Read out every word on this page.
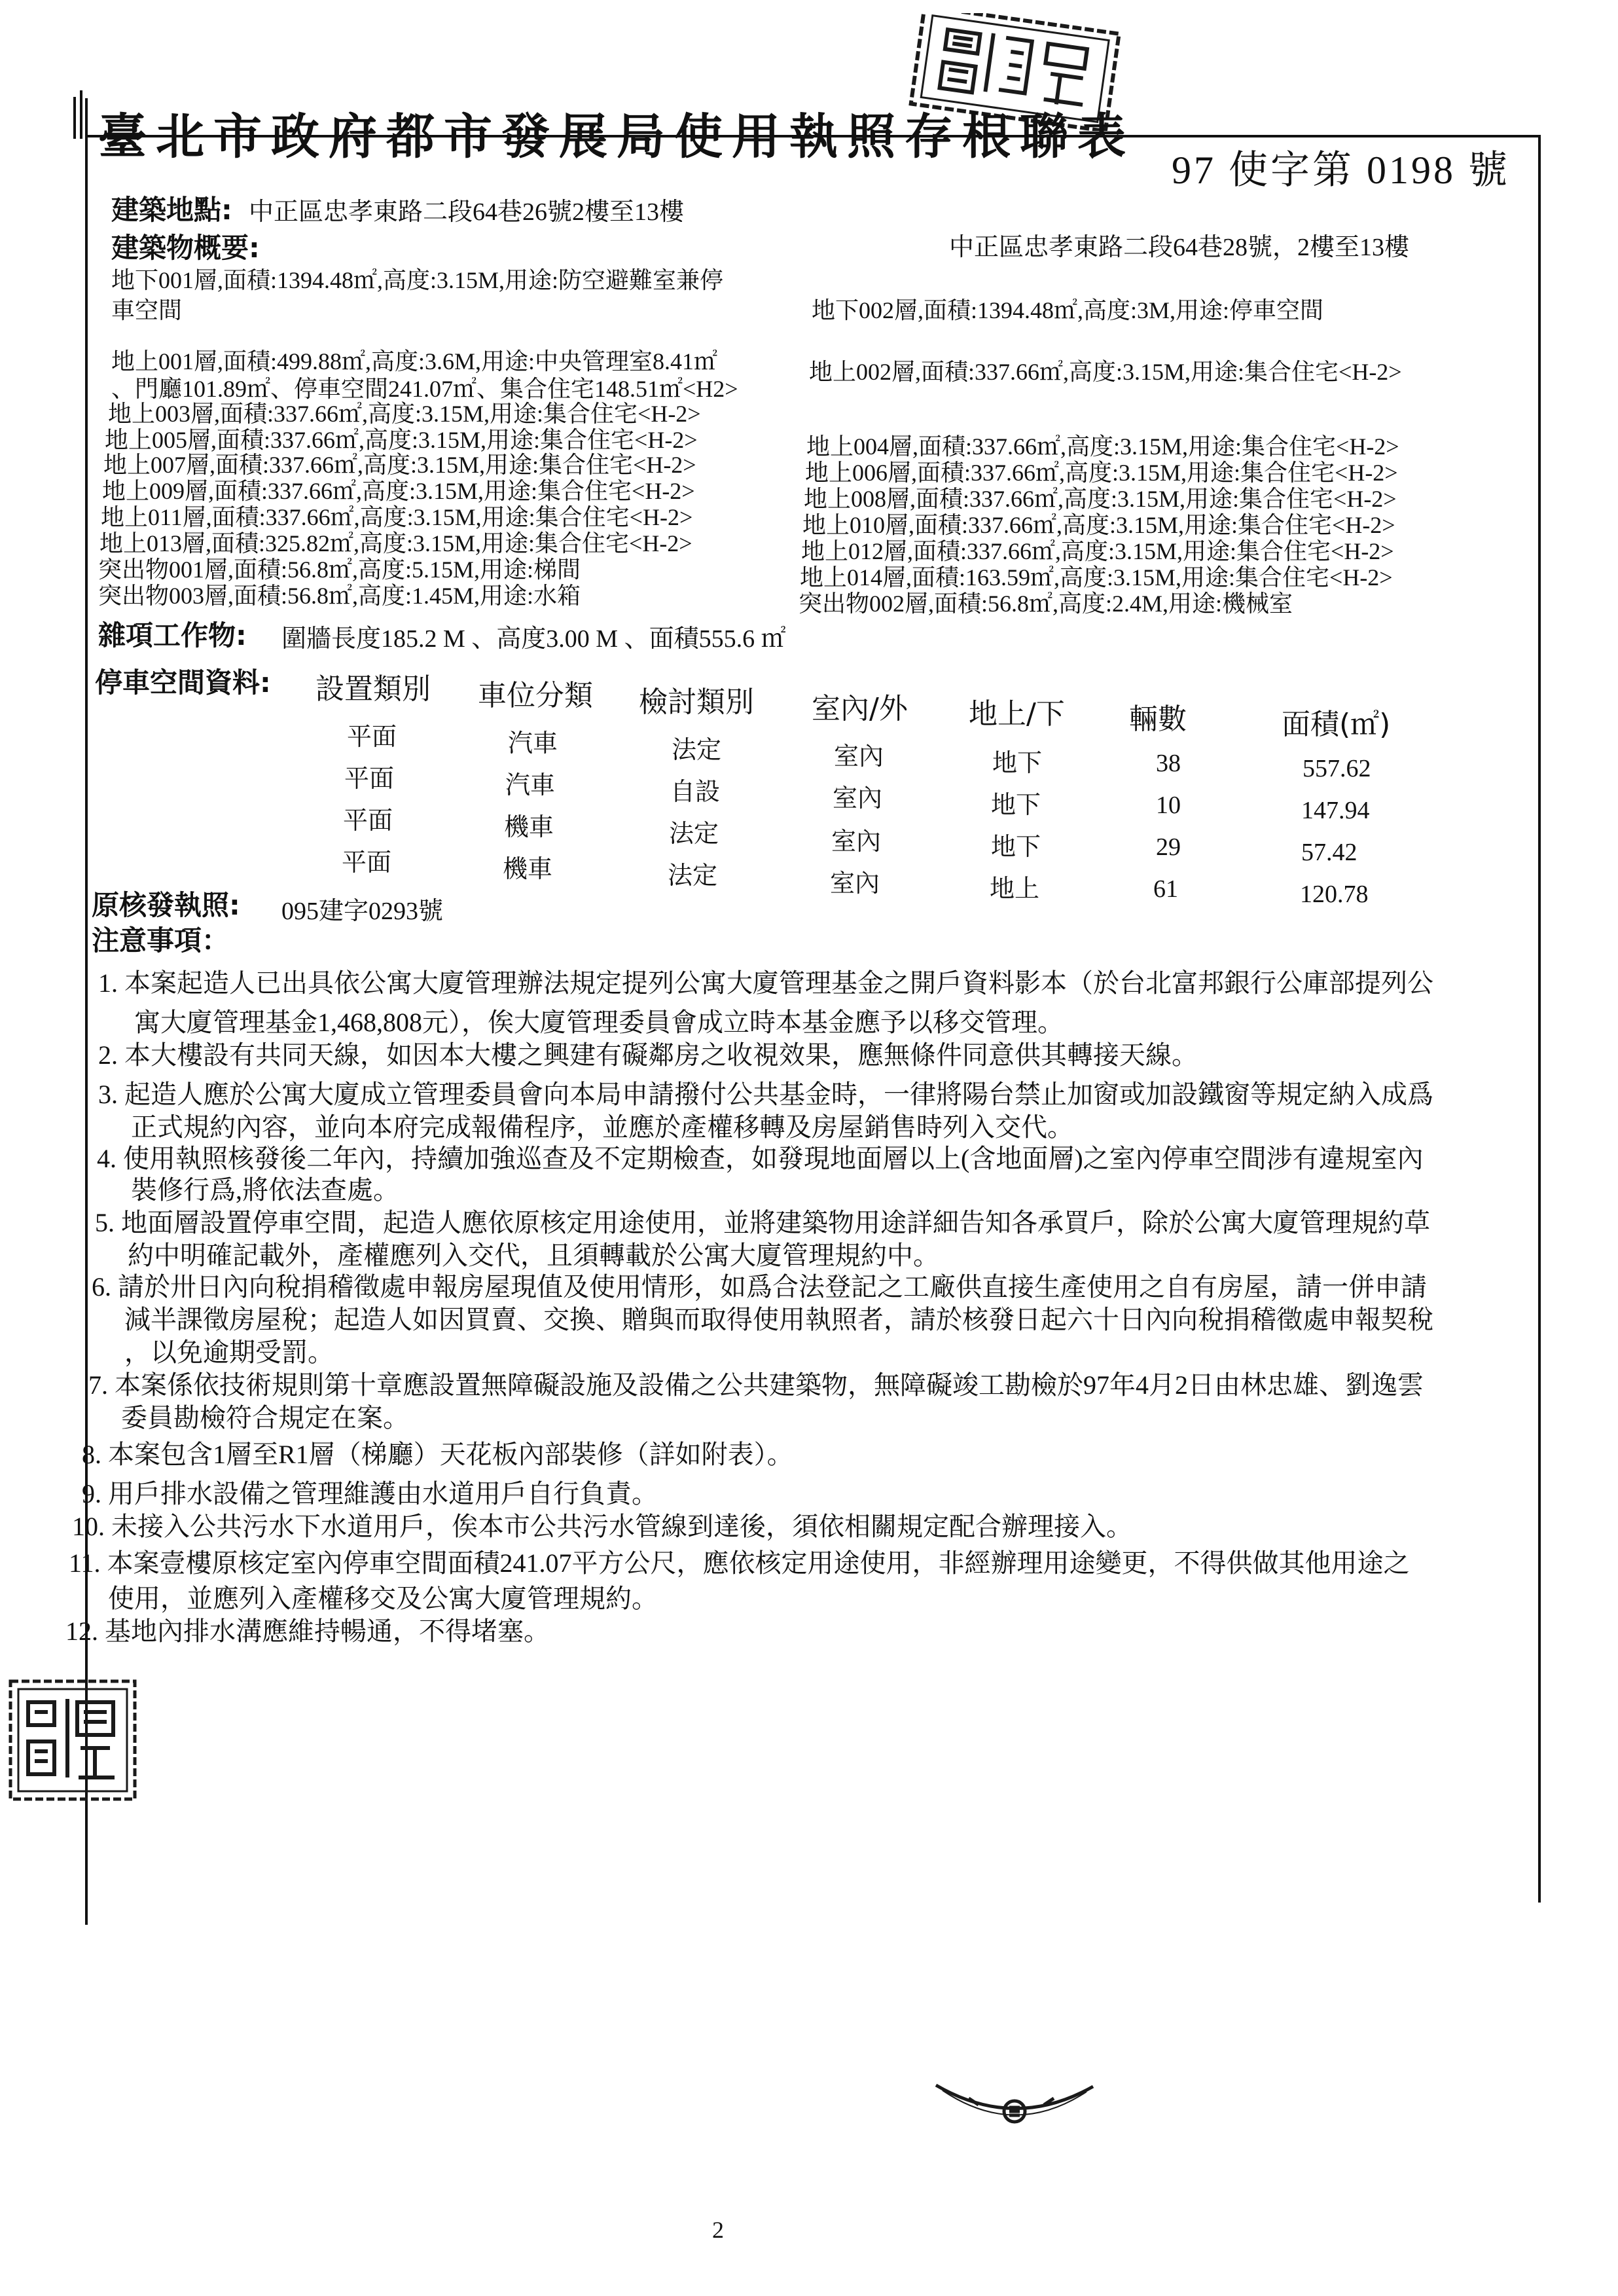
臺北市政府都市發展局使用執照存根聯表
97 使字第 0198 號
建築地點: 中正區忠孝東路二段64巷26號2樓至13樓
中正區忠孝東路二段64巷28號，2樓至13樓
建築物概要:
地下001層,面積:1394.48㎡,高度:3.15M,用途:防空避難室兼停
車空間
地上001層,面積:499.88㎡,高度:3.6M,用途:中央管理室8.41㎡
、門廳101.89㎡、停車空間241.07㎡、集合住宅148.51㎡<H2>
地上003層,面積:337.66㎡,高度:3.15M,用途:集合住宅<H-2>
地上005層,面積:337.66㎡,高度:3.15M,用途:集合住宅<H-2>
地上007層,面積:337.66㎡,高度:3.15M,用途:集合住宅<H-2>
地上009層,面積:337.66㎡,高度:3.15M,用途:集合住宅<H-2>
地上011層,面積:337.66㎡,高度:3.15M,用途:集合住宅<H-2>
地上013層,面積:325.82㎡,高度:3.15M,用途:集合住宅<H-2>
突出物001層,面積:56.8㎡,高度:5.15M,用途:梯間
突出物003層,面積:56.8㎡,高度:1.45M,用途:水箱
地下002層,面積:1394.48㎡,高度:3M,用途:停車空間
地上002層,面積:337.66㎡,高度:3.15M,用途:集合住宅<H-2>
地上004層,面積:337.66㎡,高度:3.15M,用途:集合住宅<H-2>
地上006層,面積:337.66㎡,高度:3.15M,用途:集合住宅<H-2>
地上008層,面積:337.66㎡,高度:3.15M,用途:集合住宅<H-2>
地上010層,面積:337.66㎡,高度:3.15M,用途:集合住宅<H-2>
地上012層,面積:337.66㎡,高度:3.15M,用途:集合住宅<H-2>
地上014層,面積:163.59㎡,高度:3.15M,用途:集合住宅<H-2>
突出物002層,面積:56.8㎡,高度:2.4M,用途:機械室
雜項工作物: 圍牆長度185.2 M 、高度3.00 M 、面積555.6 ㎡
停車空間資料: 設置類別 車位分類 檢討類別 室內/外 地上/下 輛數	面積(㎡)
平面	汽車	法定	室內	地下	38	557.62
平面	汽車	自設	室內	地下	10	147.94
平面	機車	法定	室內	地下	29	57.42
平面	機車	法定	室內	地上	61	120.78
原核發執照: 095建字0293號
注意事項：
1. 本案起造人已出具依公寓大廈管理辦法規定提列公寓大廈管理基金之開戶資料影本（於台北富邦銀行公庫部提列公
寓大廈管理基金1,468,808元），俟大廈管理委員會成立時本基金應予以移交管理。
2. 本大樓設有共同天線，如因本大樓之興建有礙鄰房之收視效果，應無條件同意供其轉接天線。
3. 起造人應於公寓大廈成立管理委員會向本局申請撥付公共基金時，一律將陽台禁止加窗或加設鐵窗等規定納入成爲
正式規約內容，並向本府完成報備程序，並應於產權移轉及房屋銷售時列入交代。
4. 使用執照核發後二年內，持續加強巡查及不定期檢查，如發現地面層以上(含地面層)之室內停車空間涉有違規室內
裝修行爲,將依法查處。
5. 地面層設置停車空間，起造人應依原核定用途使用，並將建築物用途詳細告知各承買戶，除於公寓大廈管理規約草
約中明確記載外，產權應列入交代，且須轉載於公寓大廈管理規約中。
6. 請於卅日內向稅捐稽徵處申報房屋現值及使用情形，如爲合法登記之工廠供直接生產使用之自有房屋，請一併申請
減半課徵房屋稅；起造人如因買賣、交換、贈與而取得使用執照者，請於核發日起六十日內向稅捐稽徵處申報契稅
，以免逾期受罰。
7. 本案係依技術規則第十章應設置無障礙設施及設備之公共建築物，無障礙竣工勘檢於97年4月2日由林忠雄、劉逸雲
委員勘檢符合規定在案。
8. 本案包含1層至R1層（梯廳）天花板內部裝修（詳如附表）。
9. 用戶排水設備之管理維護由水道用戶自行負責。
10. 未接入公共污水下水道用戶，俟本市公共污水管線到達後，須依相關規定配合辦理接入。
11. 本案壹樓原核定室內停車空間面積241.07平方公尺，應依核定用途使用，非經辦理用途變更，不得供做其他用途之
使用，並應列入產權移交及公寓大廈管理規約。
12. 基地內排水溝應維持暢通，不得堵塞。
2
